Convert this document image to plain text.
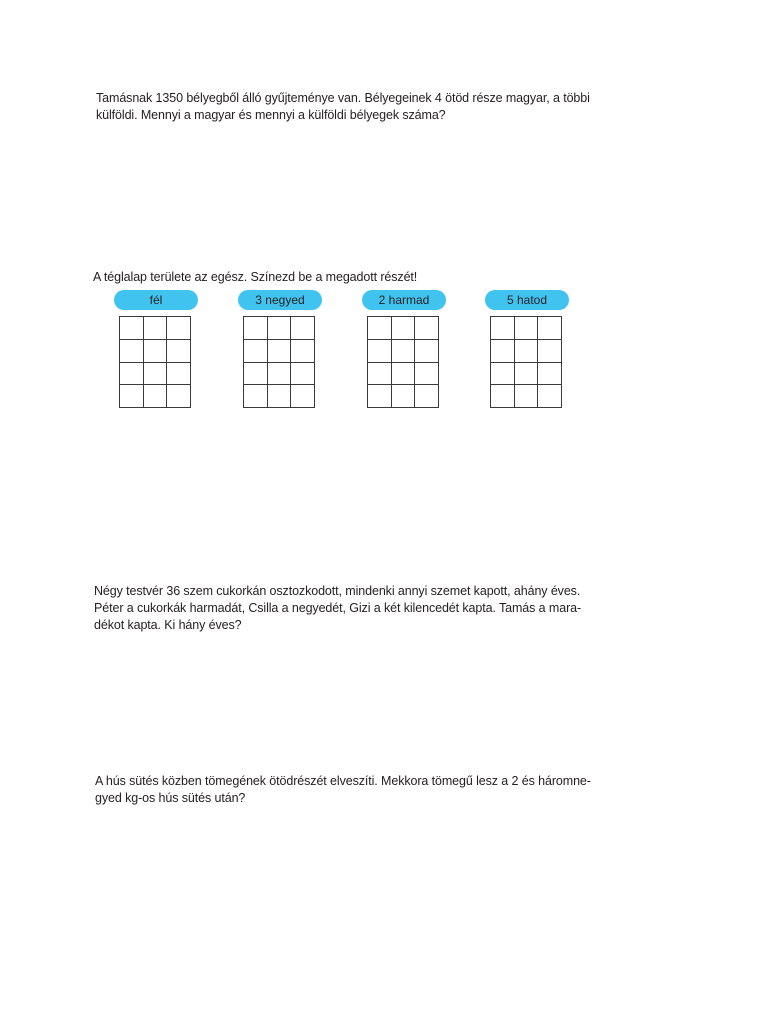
Tamásnak 1350 bélyegből álló gyűjteménye van. Bélyegeinek 4 ötöd része magyar, a többi
külföldi. Mennyi a magyar és mennyi a külföldi bélyegek száma?

A téglalap területe az egész. Színezd be a megadott részét!

fél	3 negyed	2 harmad	5 hatod

Négy testvér 36 szem cukorkán osztozkodott, mindenki annyi szemet kapott, ahány éves.
Péter a cukorkák harmadát, Csilla a negyedét, Gizi a két kilencedét kapta. Tamás a mara-
dékot kapta. Ki hány éves?

A hús sütés közben tömegének ötödrészét elveszíti. Mekkora tömegű lesz a 2 és háromne-
gyed kg-os hús sütés után?
